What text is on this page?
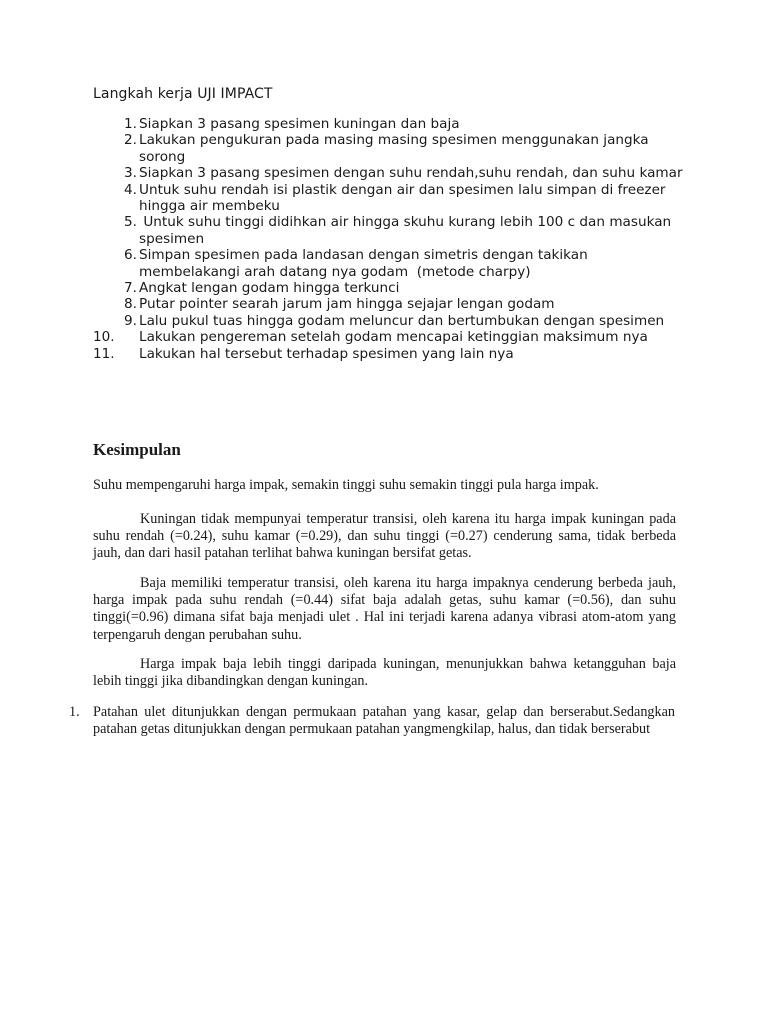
Langkah kerja UJI IMPACT
1. Siapkan 3 pasang spesimen kuningan dan baja
2. Lakukan pengukuran pada masing masing spesimen menggunakan jangka sorong
3. Siapkan 3 pasang spesimen dengan suhu rendah,suhu rendah, dan suhu kamar
4. Untuk suhu rendah isi plastik dengan air dan spesimen lalu simpan di freezer hingga air membeku
5. Untuk suhu tinggi didihkan air hingga skuhu kurang lebih 100 c dan masukan spesimen
6. Simpan spesimen pada landasan dengan simetris dengan takikan membelakangi arah datang nya godam  (metode charpy)
7. Angkat lengan godam hingga terkunci
8. Putar pointer searah jarum jam hingga sejajar lengan godam
9. Lalu pukul tuas hingga godam meluncur dan bertumbukan dengan spesimen
10.	Lakukan pengereman setelah godam mencapai ketinggian maksimum nya
11.	Lakukan hal tersebut terhadap spesimen yang lain nya
Kesimpulan
Suhu mempengaruhi harga impak, semakin tinggi suhu semakin tinggi pula harga impak.
Kuningan tidak mempunyai temperatur transisi, oleh karena itu harga impak kuningan pada suhu rendah (=0.24), suhu kamar (=0.29), dan suhu tinggi (=0.27) cenderung sama, tidak berbeda jauh, dan dari hasil patahan terlihat bahwa kuningan bersifat getas.
Baja memiliki temperatur transisi, oleh karena itu harga impaknya cenderung berbeda jauh, harga impak pada suhu rendah (=0.44) sifat baja adalah getas, suhu kamar (=0.56), dan suhu tinggi(=0.96) dimana sifat baja menjadi ulet . Hal ini terjadi karena adanya vibrasi atom-atom yang terpengaruh dengan perubahan suhu.
Harga impak baja lebih tinggi daripada kuningan, menunjukkan bahwa ketangguhan baja lebih tinggi jika dibandingkan dengan kuningan.
1. Patahan ulet ditunjukkan dengan permukaan patahan yang kasar, gelap dan berserabut.Sedangkan patahan getas ditunjukkan dengan permukaan patahan yangmengkilap, halus, dan tidak berserabut
